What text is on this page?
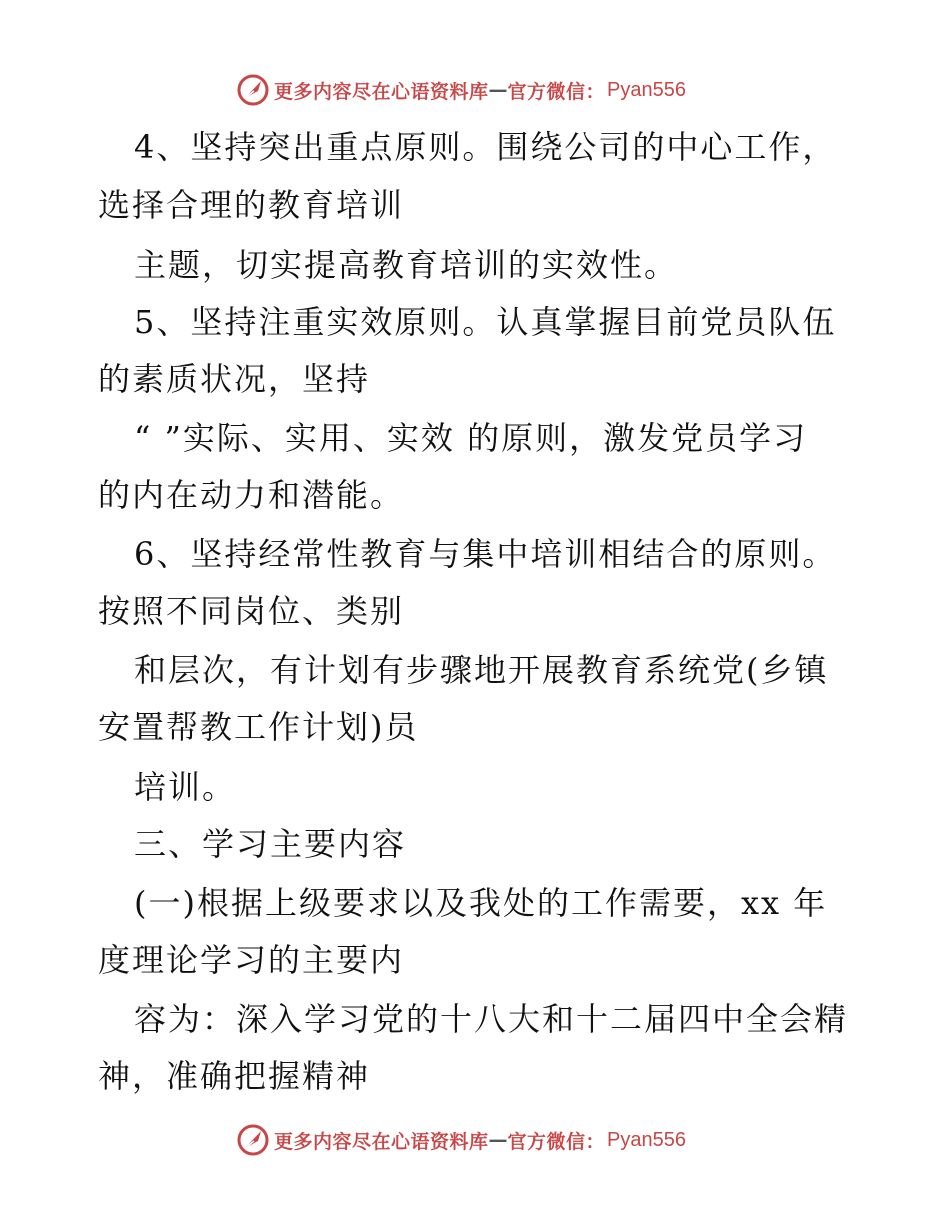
更多内容尽在心语资料库 — 官方微信： Pyan556
4、坚持突出重点原则。围绕公司的中心工作，
选择合理的教育培训
主题，切实提高教育培训的实效性。
5、坚持注重实效原则。认真掌握目前党员队伍
的素质状况，坚持
“ ”实际、实用、实效 的原则，激发党员学习
的内在动力和潜能。
6、坚持经常性教育与集中培训相结合的原则。
按照不同岗位、类别
和层次，有计划有步骤地开展教育系统党(乡镇
安置帮教工作计划)员
培训。
三、学习主要内容
(一)根据上级要求以及我处的工作需要，xx 年
度理论学习的主要内
容为：深入学习党的十八大和十二届四中全会精
神，准确把握精神
更多内容尽在心语资料库 — 官方微信： Pyan556
